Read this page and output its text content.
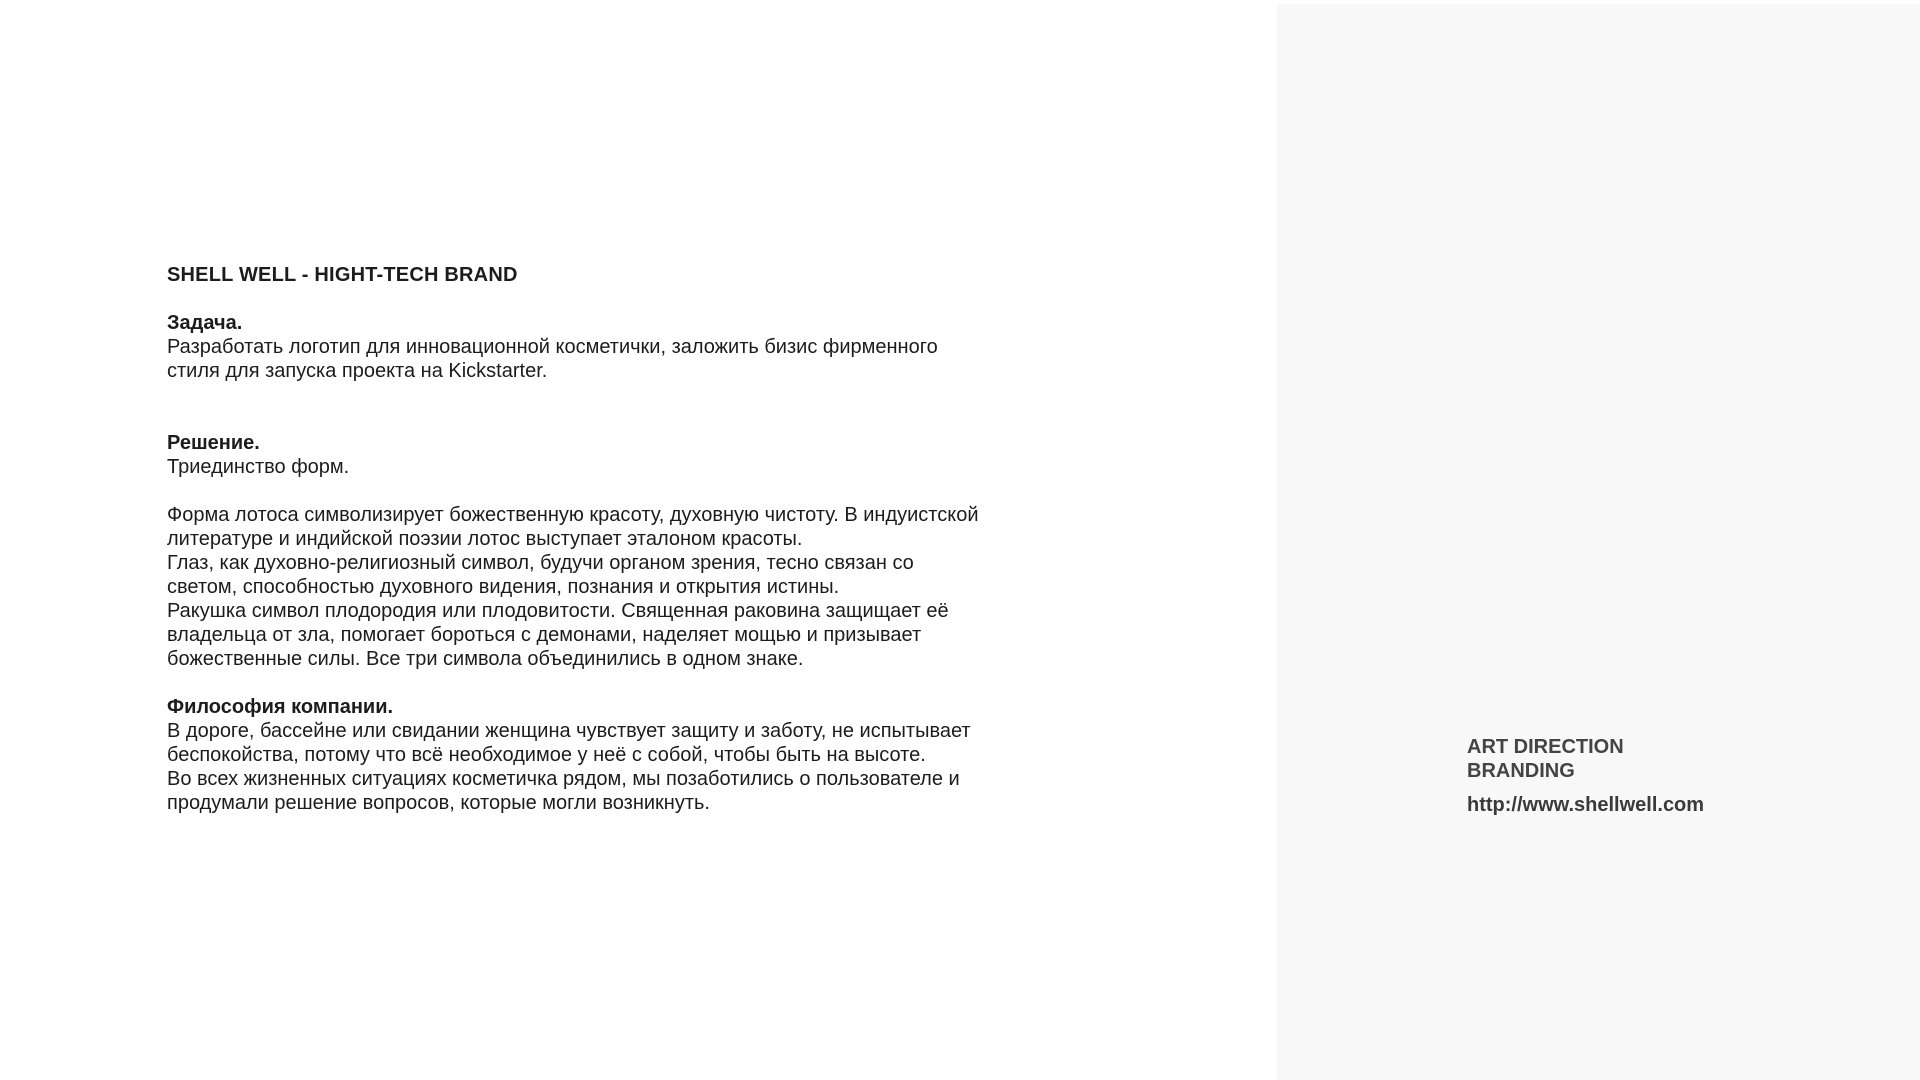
SHELL WELL - HIGHT-TECH BRAND

Задача.

Разработать логотип для инновационной косметички, заложить бизис фирменного
стиля для запуска проекта на Kickstarter.

Решение.

Триединство форм.
Форма лотоса символизирует божественную красоту, духовную чистоту. В индуистской
литературе и индийской поэзии лотос выступает эталоном красоты.
Глаз, как духовно-религиозный символ, будучи органом зрения, тесно связан со
светом, способностью духовного видения, познания и открытия истины.
Ракушка символ плодородия или плодовитости. Священная раковина защищает её
владельца от зла, помогает бороться с демонами, наделяет мощью и призывает
божественные силы. Все три символа объединились в одном знаке.

Философия компании.

В дороге, бассейне или свидании женщина чувствует защиту и заботу, не испытывает
беспокойства, потому что всё необходимое у неё с собой, чтобы быть на высоте.
Во всех жизненных ситуациях косметичка рядом, мы позаботились о пользователе и
продумали решение вопросов, которые могли возникнуть.

ART DIRECTION

BRANDING

http://www.shellwell.com
